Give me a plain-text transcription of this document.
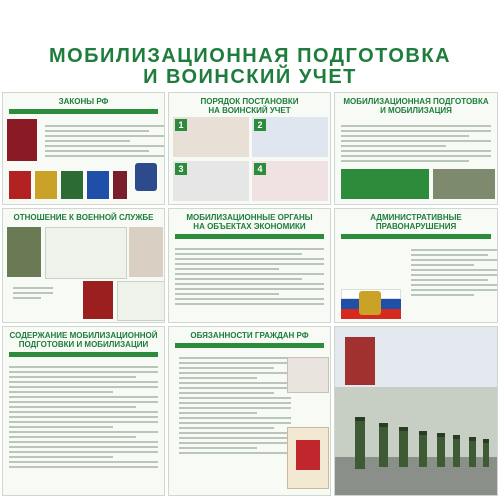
МОБИЛИЗАЦИОННАЯ ПОДГОТОВКА
И ВОИНСКИЙ УЧЕТ
ЗАКОНЫ РФ	ПОРЯДОК ПОСТАНОВКИ
НА ВОИНСКИЙ УЧЕТ
1	2
3	4
МОБИЛИЗАЦИОННАЯ ПОДГОТОВКА
И МОБИЛИЗАЦИЯ
ОТНОШЕНИЕ К ВОЕННОЙ СЛУЖБЕ	МОБИЛИЗАЦИОННЫЕ ОРГАНЫ
НА ОБЪЕКТАХ ЭКОНОМИКИ
АДМИНИСТРАТИВНЫЕ
ПРАВОНАРУШЕНИЯ
СОДЕРЖАНИЕ МОБИЛИЗАЦИОННОЙ
ПОДГОТОВКИ И МОБИЛИЗАЦИИ
ОБЯЗАННОСТИ ГРАЖДАН РФ
